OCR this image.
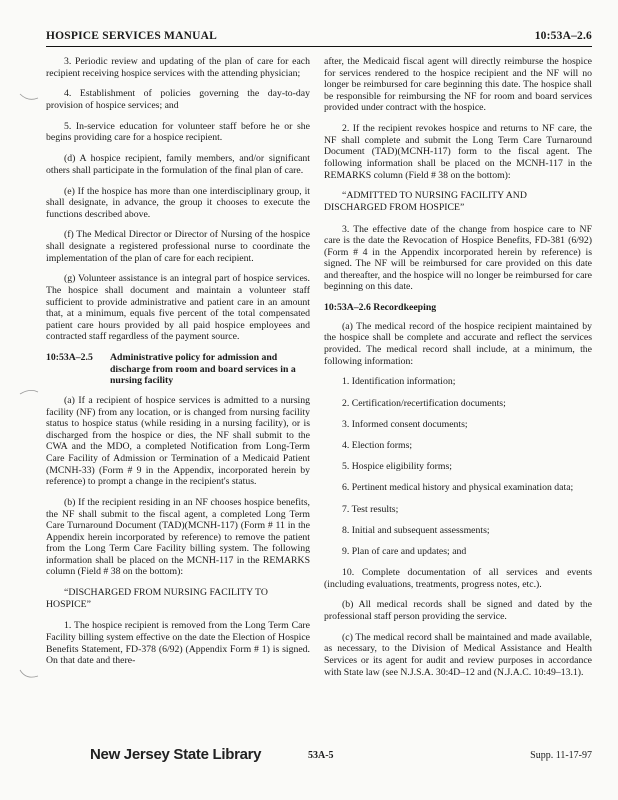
HOSPICE SERVICES MANUAL	10:53A–2.6

3. Periodic review and updating of the plan of care for each recipient receiving hospice services with the attending physician;

4. Establishment of policies governing the day-to-day provision of hospice services; and

5. In-service education for volunteer staff before he or she begins providing care for a hospice recipient.

(d) A hospice recipient, family members, and/or significant others shall participate in the formulation of the final plan of care.

(e) If the hospice has more than one interdisciplinary group, it shall designate, in advance, the group it chooses to execute the functions described above.

(f) The Medical Director or Director of Nursing of the hospice shall designate a registered professional nurse to coordinate the implementation of the plan of care for each recipient.

(g) Volunteer assistance is an integral part of hospice services. The hospice shall document and maintain a volunteer staff sufficient to provide administrative and patient care in an amount that, at a minimum, equals five percent of the total compensated patient care hours provided by all paid hospice employees and contracted staff regardless of the payment source.

10:53A–2.5	Administrative policy for admission and discharge from room and board services in a nursing facility

(a) If a recipient of hospice services is admitted to a nursing facility (NF) from any location, or is changed from nursing facility status to hospice status (while residing in a nursing facility), or is discharged from the hospice or dies, the NF shall submit to the CWA and the MDO, a completed Notification from Long-Term Care Facility of Admission or Termination of a Medicaid Patient (MCNH-33) (Form # 9 in the Appendix, incorporated herein by reference) to prompt a change in the recipient's status.

(b) If the recipient residing in an NF chooses hospice benefits, the NF shall submit to the fiscal agent, a completed Long Term Care Turnaround Document (TAD)(MCNH-117) (Form # 11 in the Appendix herein incorporated by reference) to remove the patient from the Long Term Care Facility billing system. The following information shall be placed on the MCNH-117 in the REMARKS column (Field # 38 on the bottom):

“DISCHARGED FROM NURSING FACILITY TO HOSPICE”

1. The hospice recipient is removed from the Long Term Care Facility billing system effective on the date the Election of Hospice Benefits Statement, FD-378 (6/92) (Appendix Form # 1) is signed. On that date and there-

after, the Medicaid fiscal agent will directly reimburse the hospice for services rendered to the hospice recipient and the NF will no longer be reimbursed for care beginning this date. The hospice shall be responsible for reimbursing the NF for room and board services provided under contract with the hospice.

2. If the recipient revokes hospice and returns to NF care, the NF shall complete and submit the Long Term Care Turnaround Document (TAD)(MCNH-117) form to the fiscal agent. The following information shall be placed on the MCNH-117 in the REMARKS column (Field # 38 on the bottom):

“ADMITTED TO NURSING FACILITY AND DISCHARGED FROM HOSPICE”

3. The effective date of the change from hospice care to NF care is the date the Revocation of Hospice Benefits, FD-381 (6/92) (Form # 4 in the Appendix incorporated herein by reference) is signed. The NF will be reimbursed for care provided on this date and thereafter, and the hospice will no longer be reimbursed for care beginning on this date.

10:53A–2.6 Recordkeeping

(a) The medical record of the hospice recipient maintained by the hospice shall be complete and accurate and reflect the services provided. The medical record shall include, at a minimum, the following information:

1. Identification information;

2. Certification/recertification documents;

3. Informed consent documents;

4. Election forms;

5. Hospice eligibility forms;

6. Pertinent medical history and physical examination data;

7. Test results;

8. Initial and subsequent assessments;

9. Plan of care and updates; and

10. Complete documentation of all services and events (including evaluations, treatments, progress notes, etc.).

(b) All medical records shall be signed and dated by the professional staff person providing the service.

(c) The medical record shall be maintained and made available, as necessary, to the Division of Medical Assistance and Health Services or its agent for audit and review purposes in accordance with State law (see N.J.S.A. 30:4D–12 and (N.J.A.C. 10:49–13.1).

New Jersey State Library	53A-5	Supp. 11-17-97
